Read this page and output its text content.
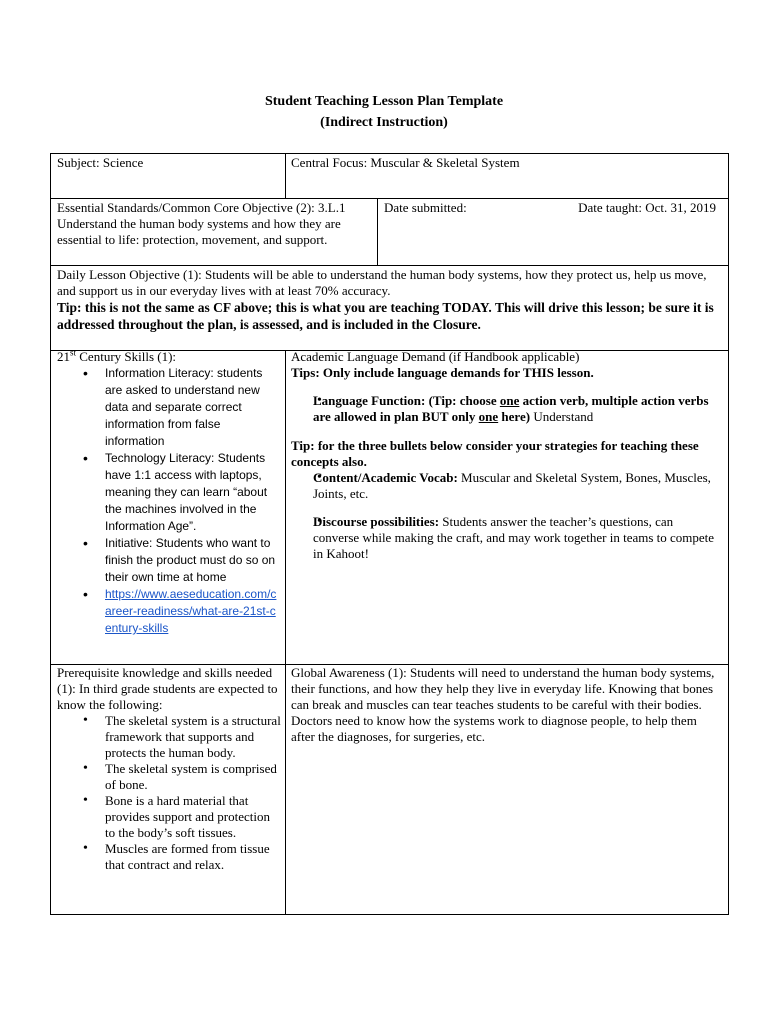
Student Teaching Lesson Plan Template
(Indirect Instruction)
Subject: Science	Central Focus: Muscular & Skeletal System
Essential Standards/Common Core Objective (2): 3.L.1 Understand the human body systems and how they are essential to life: protection, movement, and support.
Date submitted:	Date taught: Oct. 31, 2019

Daily Lesson Objective (1): Students will be able to understand the human body systems, how they protect us, help us move, and support us in our everyday lives with at least 70% accuracy.

Tip: this is not the same as CF above; this is what you are teaching TODAY. This will drive this lesson; be sure it is addressed throughout the plan, is assessed, and is included in the Closure.

21st Century Skills (1):

• Information Literacy: students are asked to understand new data and separate correct information from false information
• Technology Literacy: Students have 1:1 access with laptops, meaning they can learn “about the machines involved in the Information Age”.
• Initiative: Students who want to finish the product must do so on their own time at home
• https://www.aeseducation.com/career-readiness/what-are-21st-century-skills

Academic Language Demand (if Handbook applicable)

Tips: Only include language demands for THIS lesson.

• Language Function: (Tip: choose one action verb, multiple action verbs are allowed in plan BUT only one here) Understand

Tip: for the three bullets below consider your strategies for teaching these concepts also.

• Content/Academic Vocab: Muscular and Skeletal System, Bones, Muscles, Joints, etc.
• Discourse possibilities: Students answer the teacher’s questions, can converse while making the craft, and may work together in teams to compete in Kahoot!

Prerequisite knowledge and skills needed (1): In third grade students are expected to know the following:

• The skeletal system is a structural framework that supports and protects the human body.
• The skeletal system is comprised of bone.
• Bone is a hard material that provides support and protection to the body’s soft tissues.
• Muscles are formed from tissue that contract and relax.
Global Awareness (1): Students will need to understand the human body systems, their functions, and how they help they live in everyday life. Knowing that bones can break and muscles can tear teaches students to be careful with their bodies. Doctors need to know how the systems work to diagnose people, to help them after the diagnoses, for surgeries, etc.
